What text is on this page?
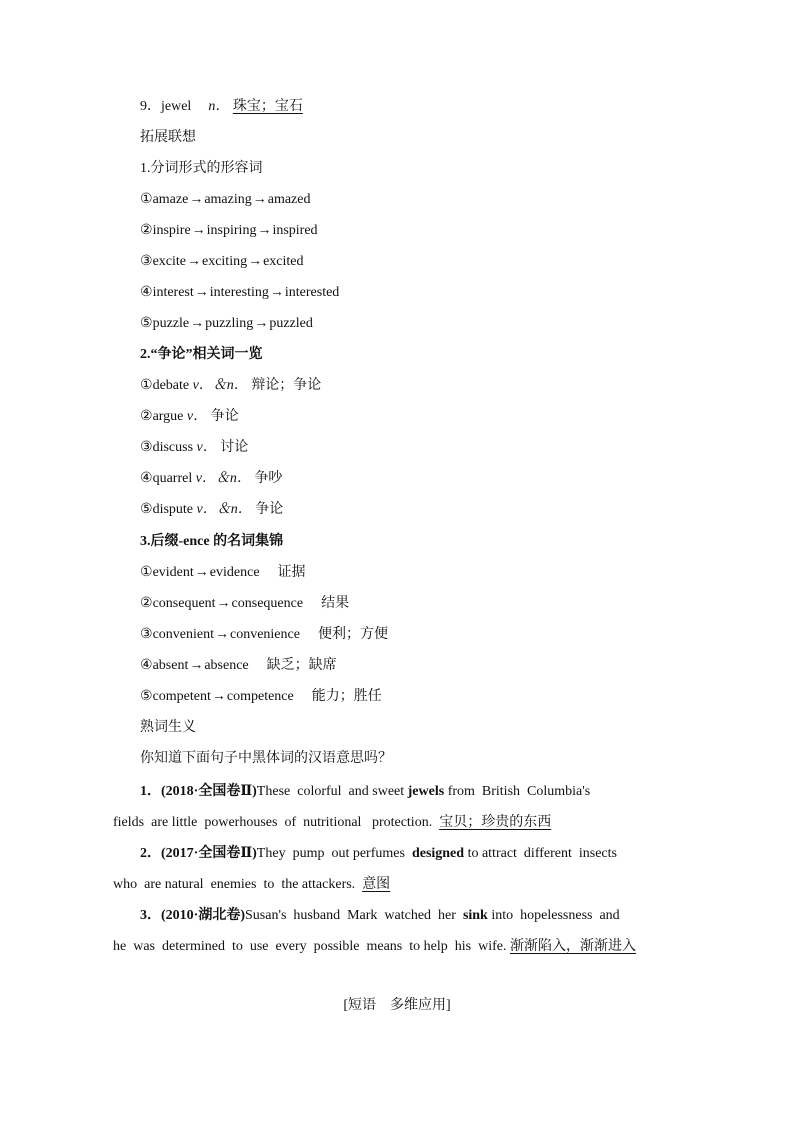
9．jewel n． 珠宝；宝石
拓展联想
1.分词形式的形容词
①amaze→amazing→amazed
②inspire→inspiring→inspired
③excite→exciting→excited
④interest→interesting→interested
⑤puzzle→puzzling→puzzled
2.“争论”相关词一览
①debate v．＆n． 辩论；争论
②argue v． 争论
③discuss v． 讨论
④quarrel v．＆n． 争吵
⑤dispute v．＆n． 争论
3.后缀-ence 的名词集锦
①evident→evidence 证据
②consequent→consequence 结果
③convenient→convenience 便利；方便
④absent→absence 缺乏；缺席
⑤competent→competence 能力；胜任
熟词生义
你知道下面句子中黑体词的汉语意思吗？
1．(2018·全国卷Ⅱ)These  colorful  and sweet jewels from  British  Columbia's
fields  are little  powerhouses  of  nutritional   protection.  宝贝；珍贵的东西
2．(2017·全国卷Ⅱ)They  pump  out perfumes  designed to attract  different  insects
who  are natural  enemies  to  the attackers.  意图
3．(2010·湖北卷)Susan's  husband  Mark  watched  her  sink into  hopelessness  and
he  was  determined  to  use  every  possible  means  to help  his  wife. 渐渐陷入，渐渐进入
[短语　多维应用]
